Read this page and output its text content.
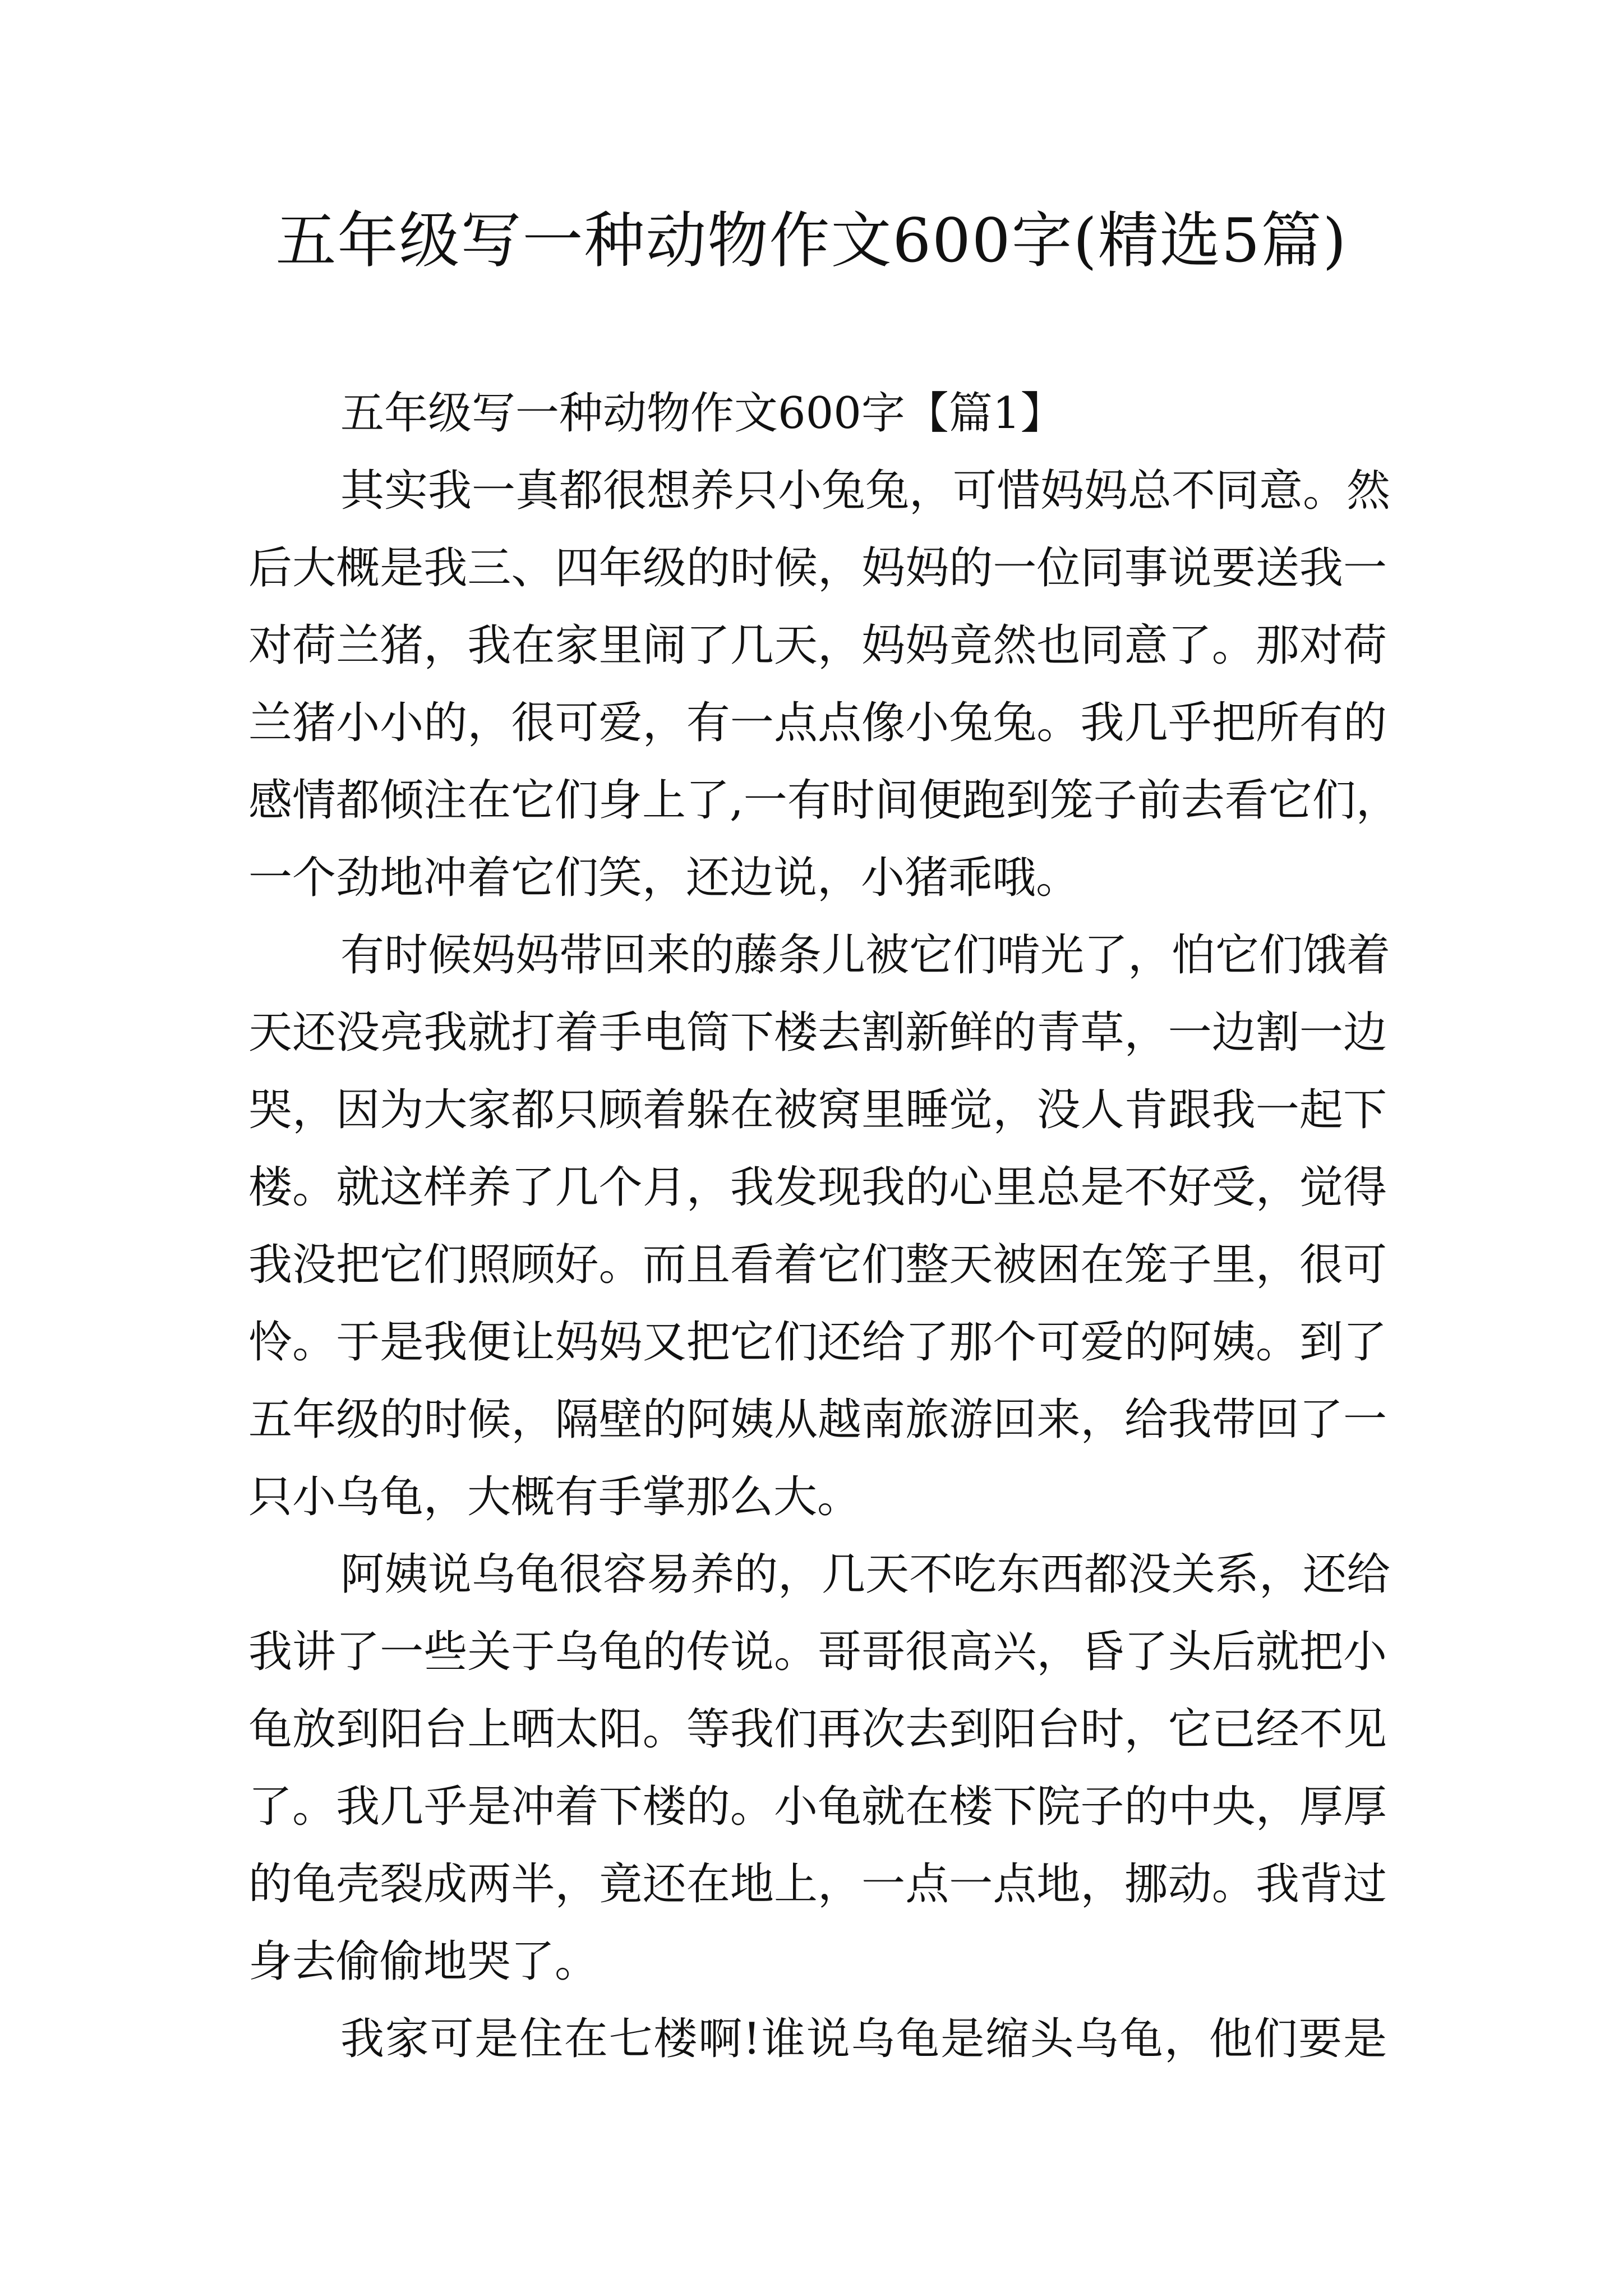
五年级写一种动物作文600字(精选5篇)
五年级写一种动物作文600字【篇1】
其实我一真都很想养只小兔兔，可惜妈妈总不同意。然
后大概是我三、四年级的时候，妈妈的一位同事说要送我一
对荷兰猪，我在家里闹了几天，妈妈竟然也同意了。那对荷
兰猪小小的，很可爱，有一点点像小兔兔。我几乎把所有的
感情都倾注在它们身上了,一有时间便跑到笼子前去看它们，
一个劲地冲着它们笑，还边说，小猪乖哦。
有时候妈妈带回来的藤条儿被它们啃光了，怕它们饿着
天还没亮我就打着手电筒下楼去割新鲜的青草，一边割一边
哭，因为大家都只顾着躲在被窝里睡觉，没人肯跟我一起下
楼。就这样养了几个月，我发现我的心里总是不好受，觉得
我没把它们照顾好。而且看着它们整天被困在笼子里，很可
怜。于是我便让妈妈又把它们还给了那个可爱的阿姨。到了
五年级的时候，隔壁的阿姨从越南旅游回来，给我带回了一
只小乌龟，大概有手掌那么大。
阿姨说乌龟很容易养的，几天不吃东西都没关系，还给
我讲了一些关于乌龟的传说。哥哥很高兴，昏了头后就把小
龟放到阳台上晒太阳。等我们再次去到阳台时，它已经不见
了。我几乎是冲着下楼的。小龟就在楼下院子的中央，厚厚
的龟壳裂成两半，竟还在地上，一点一点地，挪动。我背过
身去偷偷地哭了。
我家可是住在七楼啊!谁说乌龟是缩头乌龟，他们要是
